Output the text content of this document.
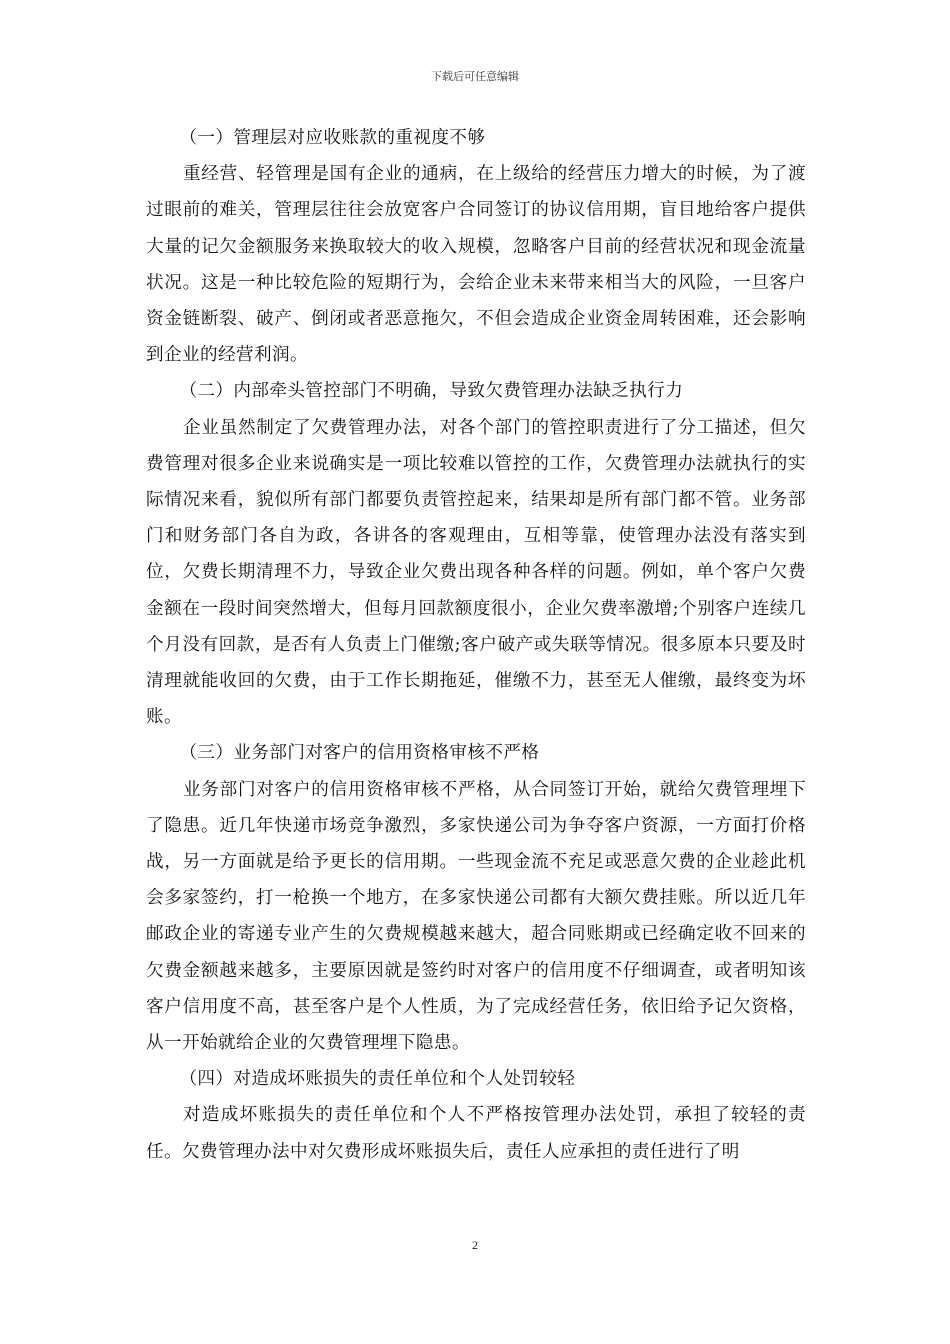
下载后可任意编辑

（一）管理层对应收账款的重视度不够

重经营、轻管理是国有企业的通病，在上级给的经营压力增大的时候，为了渡过眼前的难关，管理层往往会放宽客户合同签订的协议信用期，盲目地给客户提供大量的记欠金额服务来换取较大的收入规模，忽略客户目前的经营状况和现金流量状况。这是一种比较危险的短期行为，会给企业未来带来相当大的风险，一旦客户资金链断裂、破产、倒闭或者恶意拖欠，不但会造成企业资金周转困难，还会影响到企业的经营利润。

（二）内部牵头管控部门不明确，导致欠费管理办法缺乏执行力

企业虽然制定了欠费管理办法，对各个部门的管控职责进行了分工描述，但欠费管理对很多企业来说确实是一项比较难以管控的工作，欠费管理办法就执行的实际情况来看，貌似所有部门都要负责管控起来，结果却是所有部门都不管。业务部门和财务部门各自为政，各讲各的客观理由，互相等靠，使管理办法没有落实到位，欠费长期清理不力，导致企业欠费出现各种各样的问题。例如，单个客户欠费金额在一段时间突然增大，但每月回款额度很小，企业欠费率激增;个别客户连续几个月没有回款，是否有人负责上门催缴;客户破产或失联等情况。很多原本只要及时清理就能收回的欠费，由于工作长期拖延，催缴不力，甚至无人催缴，最终变为坏账。

（三）业务部门对客户的信用资格审核不严格

业务部门对客户的信用资格审核不严格，从合同签订开始，就给欠费管理埋下了隐患。近几年快递市场竞争激烈，多家快递公司为争夺客户资源，一方面打价格战，另一方面就是给予更长的信用期。一些现金流不充足或恶意欠费的企业趁此机会多家签约，打一枪换一个地方，在多家快递公司都有大额欠费挂账。所以近几年邮政企业的寄递专业产生的欠费规模越来越大，超合同账期或已经确定收不回来的欠费金额越来越多，主要原因就是签约时对客户的信用度不仔细调查，或者明知该客户信用度不高，甚至客户是个人性质，为了完成经营任务，依旧给予记欠资格，从一开始就给企业的欠费管理埋下隐患。

（四）对造成坏账损失的责任单位和个人处罚较轻

对造成坏账损失的责任单位和个人不严格按管理办法处罚，承担了较轻的责任。欠费管理办法中对欠费形成坏账损失后，责任人应承担的责任进行了明

2
